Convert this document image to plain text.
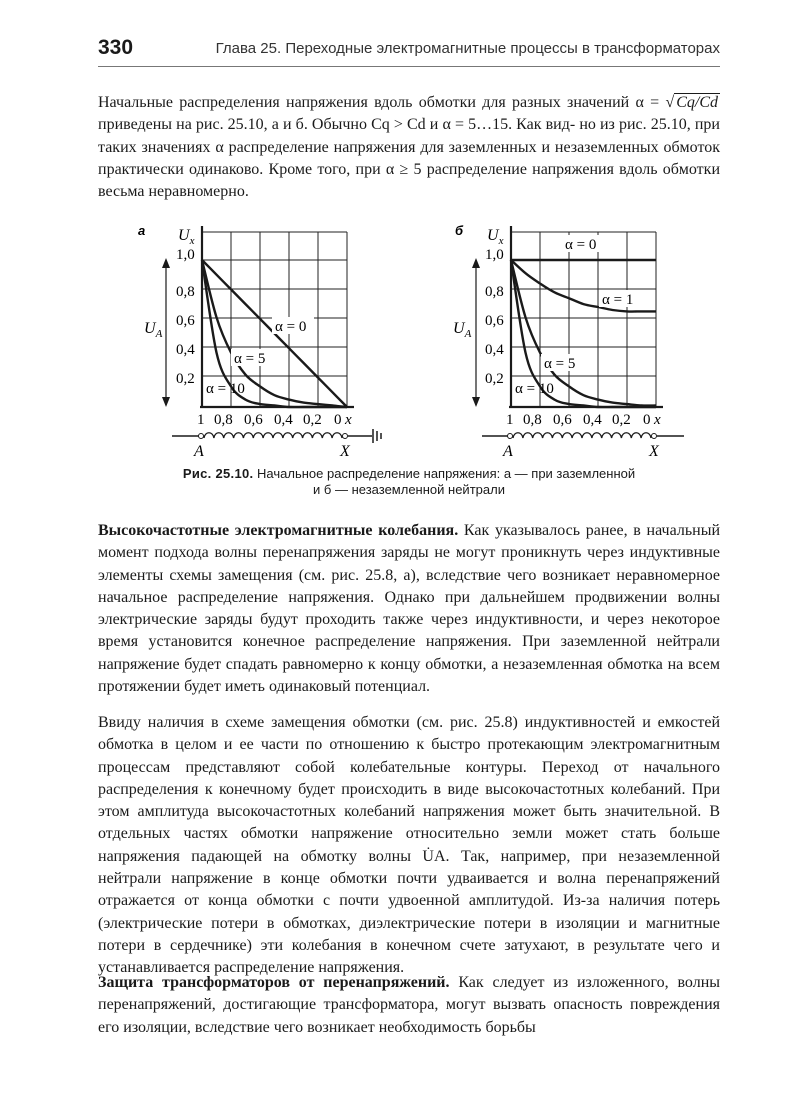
330	Глава 25. Переходные электромагнитные процессы в трансформаторах

Начальные распределения напряжения вдоль обмотки для разных значений α = √ Cq/Cd приведены на рис. 25.10, а и б. Обычно Cq > Cd и α = 5…15. Как вид- но из рис. 25.10, при таких значениях α распределение напряжения для заземленных и незаземленных обмоток практически одинаково. Кроме того, при α ≥ 5 распределение напряжения вдоль обмотки весьма неравномерно.

а
$U_A$
$U_x$
1,0
0,8
0,6
0,4
0,2
1 0,8 0,6 0,4 0,2 0 x
α = 0
α = 5
α = 10
A	X
б
$U_A$
$U_x$
1,0
0,8
0,6
0,4
0,2
1 0,8 0,6 0,4 0,2 0 x
α = 0
α = 1
α = 5
α = 10
A	X
Рис. 25.10. Начальное распределение напряжения: а — при заземленной
и б — незаземленной нейтрали

Высокочастотные электромагнитные колебания. Как указывалось ранее, в начальный момент подхода волны перенапряжения заряды не могут проникнуть через индуктивные элементы схемы замещения (см. рис. 25.8, а), вследствие чего возникает неравномерное начальное распределение напряжения. Однако при дальнейшем продвижении волны электрические заряды будут проходить также через индуктивности, и через некоторое время установится конечное распределение напряжения. При заземленной нейтрали напряжение будет спадать равномерно к концу обмотки, а незаземленная обмотка на всем протяжении будет иметь одинаковый потенциал.

Ввиду наличия в схеме замещения обмотки (см. рис. 25.8) индуктивностей и емкостей обмотка в целом и ее части по отношению к быстро протекающим электромагнитным процессам представляют собой колебательные контуры. Переход от начального распределения к конечному будет происходить в виде высокочастотных колебаний. При этом амплитуда высокочастотных колебаний напряжения может быть значительной. В отдельных частях обмотки напряжение относительно земли может стать больше напряжения падающей на обмотку волны U̇A. Так, например, при незаземленной нейтрали напряжение в конце обмотки почти удваивается и волна перенапряжений отражается от конца обмотки с почти удвоенной амплитудой. Из-за наличия потерь (электрические потери в обмотках, диэлектрические потери в изоляции и магнитные потери в сердечнике) эти колебания в конечном счете затухают, в результате чего и устанавливается распределение напряжения.

Защита трансформаторов от перенапряжений. Как следует из изложенного, волны перенапряжений, достигающие трансформатора, могут вызвать опасность повреждения его изоляции, вследствие чего возникает необходимость борьбы
